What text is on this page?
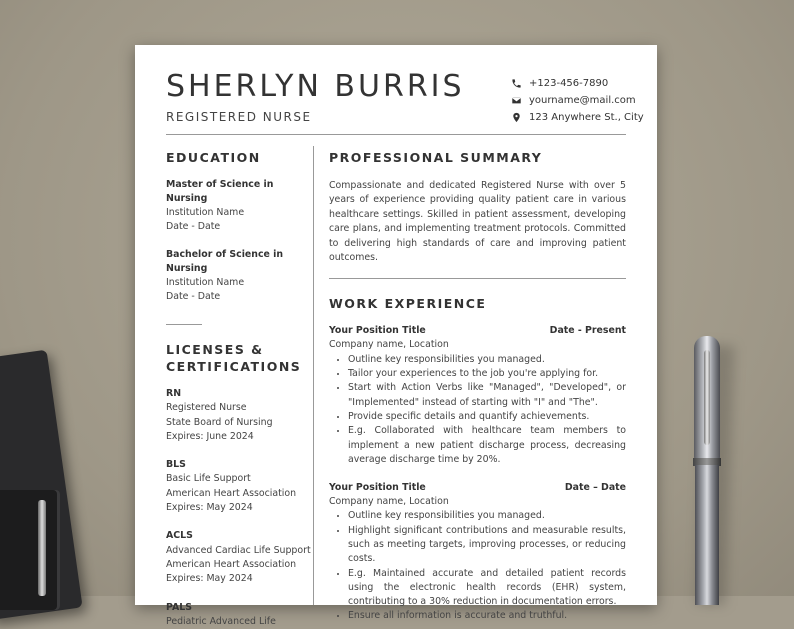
SHERLYN BURRIS
REGISTERED NURSE
+123-456-7890
yourname@mail.com
123 Anywhere St., City
EDUCATION
Master of Science in Nursing
Institution Name
Date - Date
Bachelor of Science in Nursing
Institution Name
Date - Date
LICENSES &
CERTIFICATIONS
RN
Registered Nurse
State Board of Nursing
Expires: June 2024
BLS
Basic Life Support
American Heart Association
Expires: May 2024
ACLS
Advanced Cardiac Life Support
American Heart Association
Expires: May 2024
PALS
Pediatric Advanced Life
PROFESSIONAL SUMMARY
Compassionate and dedicated Registered Nurse with over 5 years of experience providing quality patient care in various healthcare settings. Skilled in patient assessment, developing care plans, and implementing treatment protocols. Committed to delivering high standards of care and improving patient outcomes.
WORK EXPERIENCE
Your Position Title	Date - Present
Company name, Location
• Outline key responsibilities you managed.
• Tailor your experiences to the job you're applying for.
• Start with Action Verbs like "Managed", "Developed", or "Implemented" instead of starting with "I" and "The".
• Provide specific details and quantify achievements.
• E.g. Collaborated with healthcare team members to implement a new patient discharge process, decreasing average discharge time by 20%.
Your Position Title	Date – Date
Company name, Location
• Outline key responsibilities you managed.
• Highlight significant contributions and measurable results, such as meeting targets, improving processes, or reducing costs.
• E.g. Maintained accurate and detailed patient records using the electronic health records (EHR) system, contributing to a 30% reduction in documentation errors.
• Ensure all information is accurate and truthful.
